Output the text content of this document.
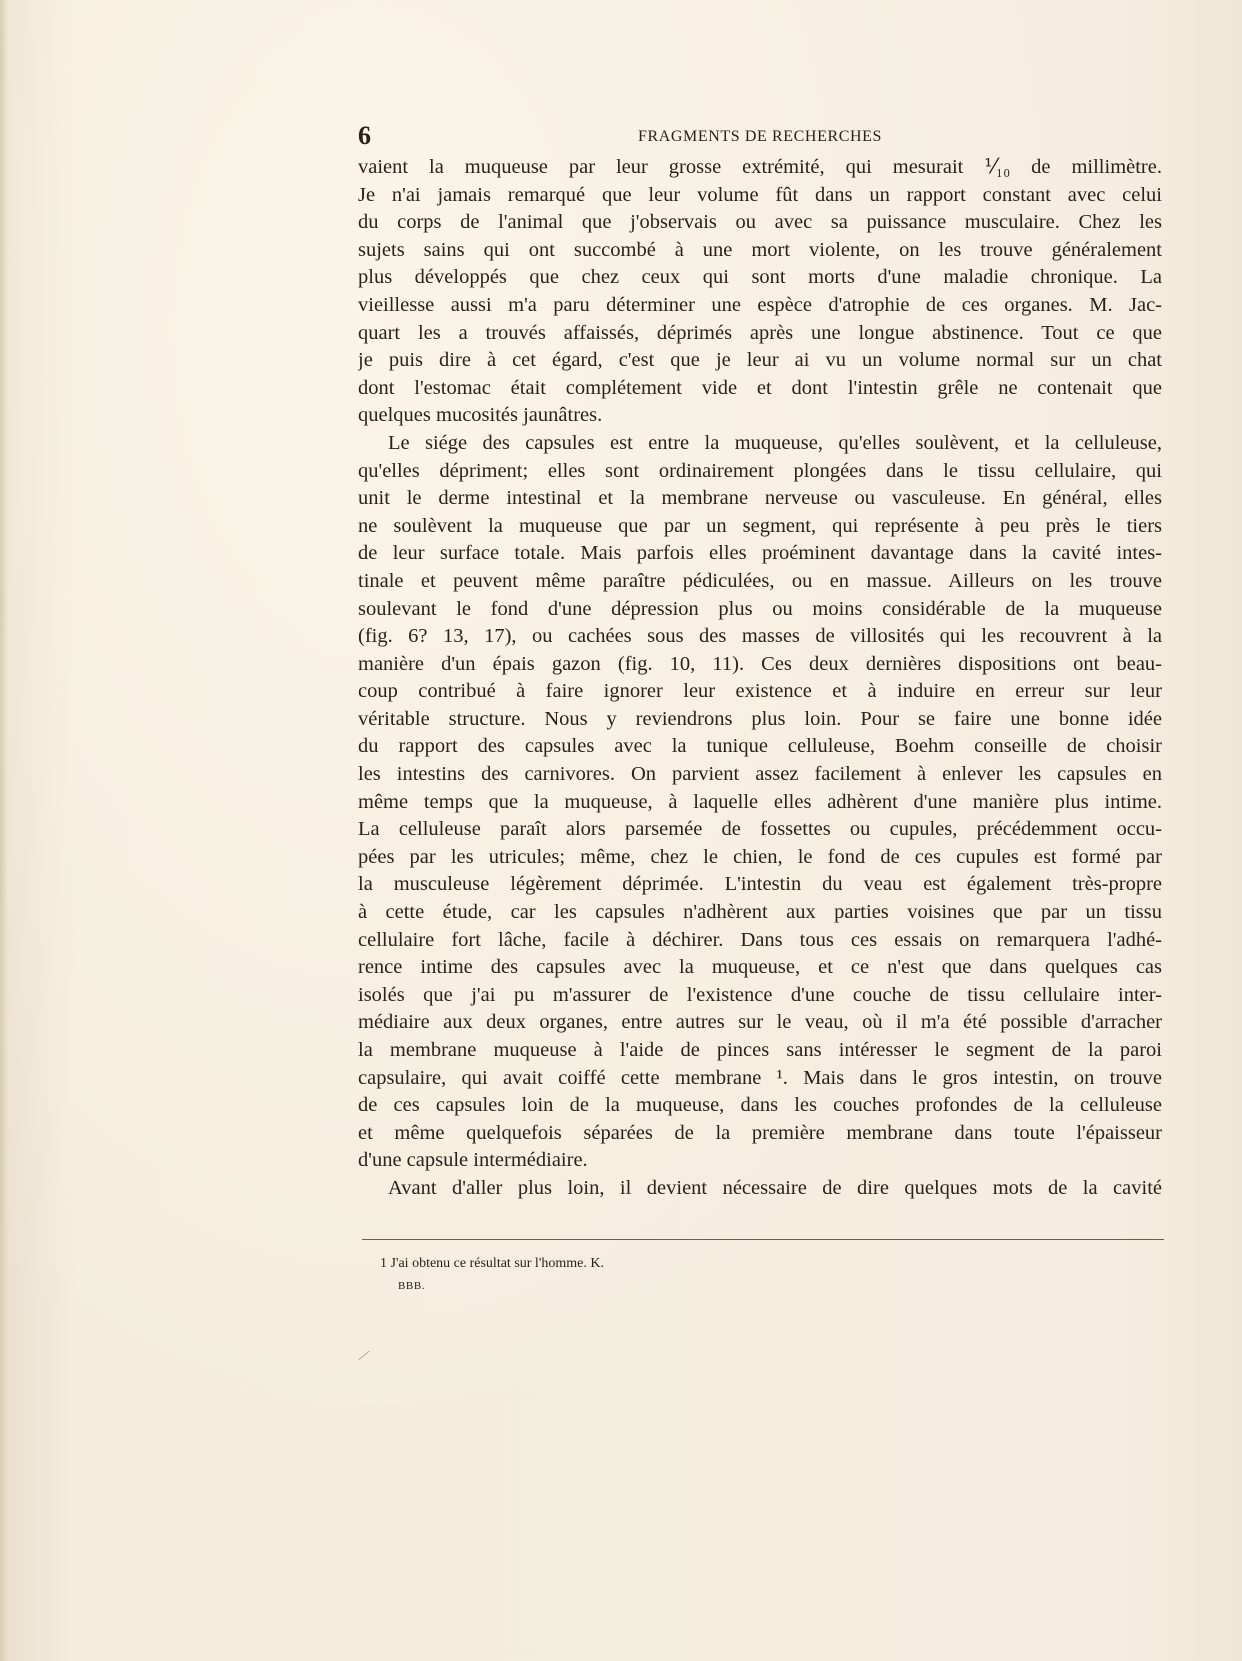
6	FRAGMENTS DE RECHERCHES
vaient la muqueuse par leur grosse extrémité, qui mesurait ⅟₁₀ de millimètre.
Je n'ai jamais remarqué que leur volume fût dans un rapport constant avec celui
du corps de l'animal que j'observais ou avec sa puissance musculaire. Chez les
sujets sains qui ont succombé à une mort violente, on les trouve généralement
plus développés que chez ceux qui sont morts d'une maladie chronique. La
vieillesse aussi m'a paru déterminer une espèce d'atrophie de ces organes. M. Jac-
quart les a trouvés affaissés, déprimés après une longue abstinence. Tout ce que
je puis dire à cet égard, c'est que je leur ai vu un volume normal sur un chat
dont l'estomac était complétement vide et dont l'intestin grêle ne contenait que
quelques mucosités jaunâtres.
Le siége des capsules est entre la muqueuse, qu'elles soulèvent, et la celluleuse,
qu'elles dépriment; elles sont ordinairement plongées dans le tissu cellulaire, qui
unit le derme intestinal et la membrane nerveuse ou vasculeuse. En général, elles
ne soulèvent la muqueuse que par un segment, qui représente à peu près le tiers
de leur surface totale. Mais parfois elles proéminent davantage dans la cavité intes-
tinale et peuvent même paraître pédiculées, ou en massue. Ailleurs on les trouve
soulevant le fond d'une dépression plus ou moins considérable de la muqueuse
(fig. 6? 13, 17), ou cachées sous des masses de villosités qui les recouvrent à la
manière d'un épais gazon (fig. 10, 11). Ces deux dernières dispositions ont beau-
coup contribué à faire ignorer leur existence et à induire en erreur sur leur
véritable structure. Nous y reviendrons plus loin. Pour se faire une bonne idée
du rapport des capsules avec la tunique celluleuse, Boehm conseille de choisir
les intestins des carnivores. On parvient assez facilement à enlever les capsules en
même temps que la muqueuse, à laquelle elles adhèrent d'une manière plus intime.
La celluleuse paraît alors parsemée de fossettes ou cupules, précédemment occu-
pées par les utricules; même, chez le chien, le fond de ces cupules est formé par
la musculeuse légèrement déprimée. L'intestin du veau est également très-propre
à cette étude, car les capsules n'adhèrent aux parties voisines que par un tissu
cellulaire fort lâche, facile à déchirer. Dans tous ces essais on remarquera l'adhé-
rence intime des capsules avec la muqueuse, et ce n'est que dans quelques cas
isolés que j'ai pu m'assurer de l'existence d'une couche de tissu cellulaire inter-
médiaire aux deux organes, entre autres sur le veau, où il m'a été possible d'arracher
la membrane muqueuse à l'aide de pinces sans intéresser le segment de la paroi
capsulaire, qui avait coiffé cette membrane ¹. Mais dans le gros intestin, on trouve
de ces capsules loin de la muqueuse, dans les couches profondes de la celluleuse
et même quelquefois séparées de la première membrane dans toute l'épaisseur
d'une capsule intermédiaire.
Avant d'aller plus loin, il devient nécessaire de dire quelques mots de la cavité
1 J'ai obtenu ce résultat sur l'homme. K.
BBB.
